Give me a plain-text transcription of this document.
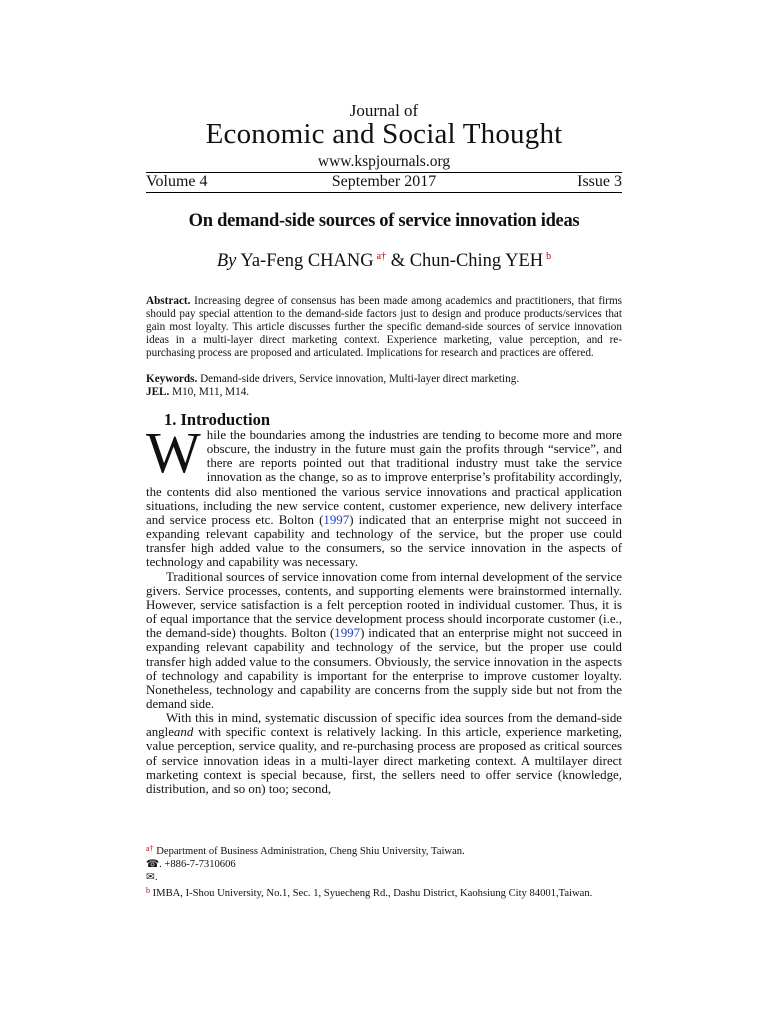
Journal of
Economic and Social Thought
www.kspjournals.org
Volume 4	September 2017	Issue 3
On demand-side sources of service innovation ideas
By Ya-Feng CHANG $^{a\dagger}$ & Chun-Ching YEH $^b$
Abstract. Increasing degree of consensus has been made among academics and practitioners, that firms should pay special attention to the demand-side factors just to design and produce products/services that gain most loyalty. This article discusses further the specific demand-side sources of service innovation ideas in a multi-layer direct marketing context. Experience marketing, value perception, and re-purchasing process are proposed and articulated. Implications for research and practices are offered.
Keywords. Demand-side drivers, Service innovation, Multi-layer direct marketing.
JEL. M10, M11, M14.
1. Introduction

While the boundaries among the industries are tending to become more and more obscure, the industry in the future must gain the profits through “service”, and there are reports pointed out that traditional industry must take the service innovation as the change, so as to improve enterprise’s profitability accordingly, the contents did also mentioned the various service innovations and practical application situations, including the new service content, customer experience, new delivery interface and service process etc. Bolton (1997) indicated that an enterprise might not succeed in expanding relevant capability and technology of the service, but the proper use could transfer high added value to the consumers, so the service innovation in the aspects of technology and capability was necessary.

Traditional sources of service innovation come from internal development of the service givers. Service processes, contents, and supporting elements were brainstormed internally. However, service satisfaction is a felt perception rooted in individual customer. Thus, it is of equal importance that the service development process should incorporate customer (i.e., the demand-side) thoughts. Bolton (1997) indicated that an enterprise might not succeed in expanding relevant capability and technology of the service, but the proper use could transfer high added value to the consumers. Obviously, the service innovation in the aspects of technology and capability is important for the enterprise to improve customer loyalty. Nonetheless, technology and capability are concerns from the supply side but not from the demand side.

With this in mind, systematic discussion of specific idea sources from the demand-side angleand with specific context is relatively lacking. In this article, experience marketing, value perception, service quality, and re-purchasing process are proposed as critical sources of service innovation ideas in a multi-layer direct marketing context. A multilayer direct marketing context is special because, first, the sellers need to offer service (knowledge, distribution, and so on) too; second,

$^{a\dagger}$ Department of Business Administration, Cheng Shiu University, Taiwan.
☎. +886-7-7310606
✉.
$^b$ IMBA, I-Shou University, No.1, Sec. 1, Syuecheng Rd., Dashu District, Kaohsiung City 84001,Taiwan.
